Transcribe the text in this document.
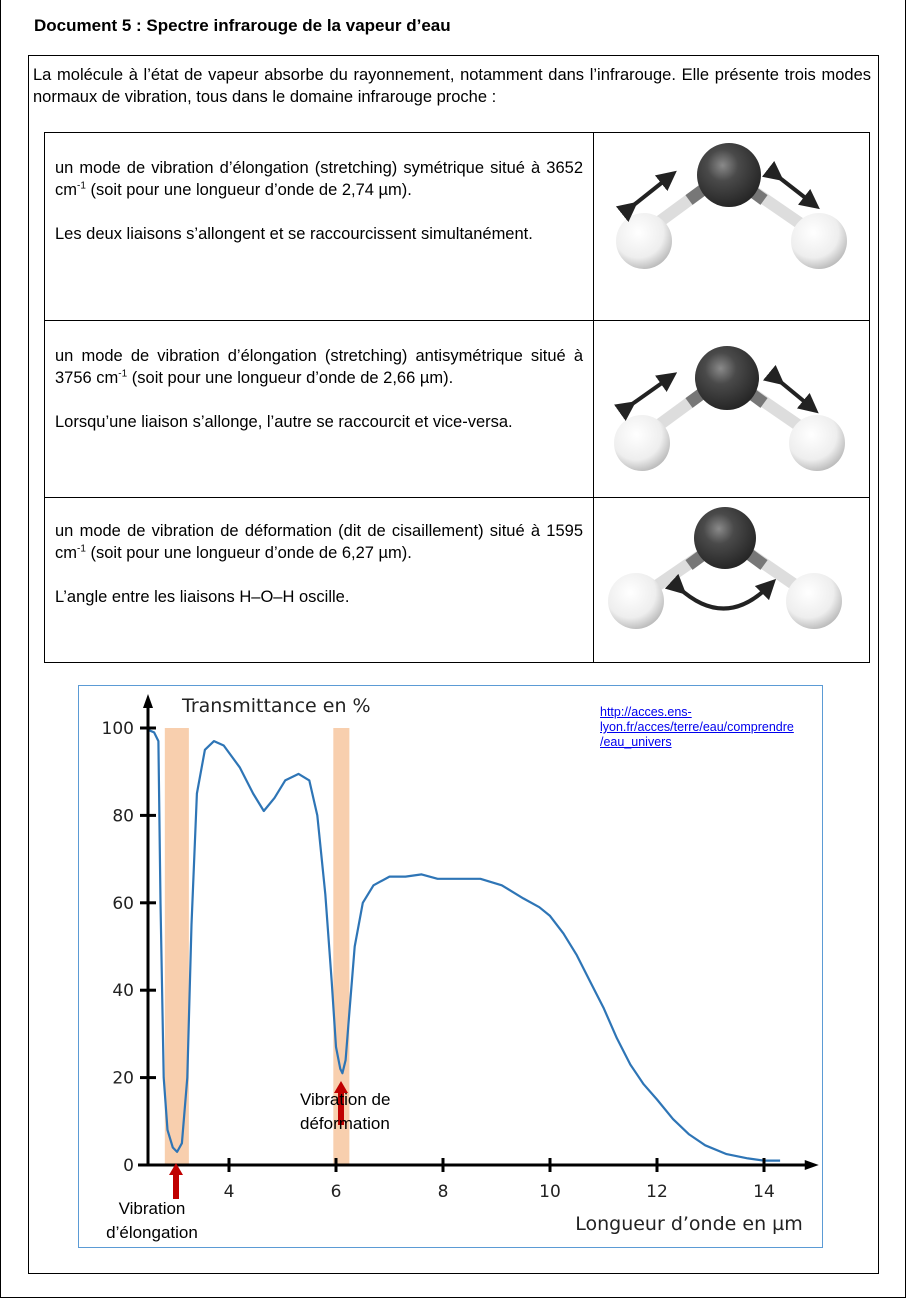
Document 5 : Spectre infrarouge de la vapeur d’eau
La molécule à l’état de vapeur absorbe du rayonnement, notamment dans l’infrarouge. Elle présente trois modes normaux de vibration, tous dans le domaine infrarouge proche :

un mode de vibration d’élongation (stretching) symétrique situé à 3652 $cm^{-1}$ (soit pour une longueur d’onde de 2,74 µm).

Les deux liaisons s’allongent et se raccourcissent simultanément.

un mode de vibration d’élongation (stretching) antisymétrique situé à 3756 $cm^{-1}$ (soit pour une longueur d’onde de 2,66 µm).

Lorsqu’une liaison s’allonge, l’autre se raccourcit et vice-versa.

un mode de vibration de déformation (dit de cisaillement) situé à 1595 $cm^{-1}$ (soit pour une longueur d’onde de 6,27 µm).

L’angle entre les liaisons H–O–H oscille.

0
20
40
60
80
100
4	6	8	10	12	14
Transmittance en %
Longueur d’onde en µm
http://acces.ens-
lyon.fr/acces/terre/eau/comprendre
/eau_univers
Vibration
d’élongation
Vibration de
déformation
